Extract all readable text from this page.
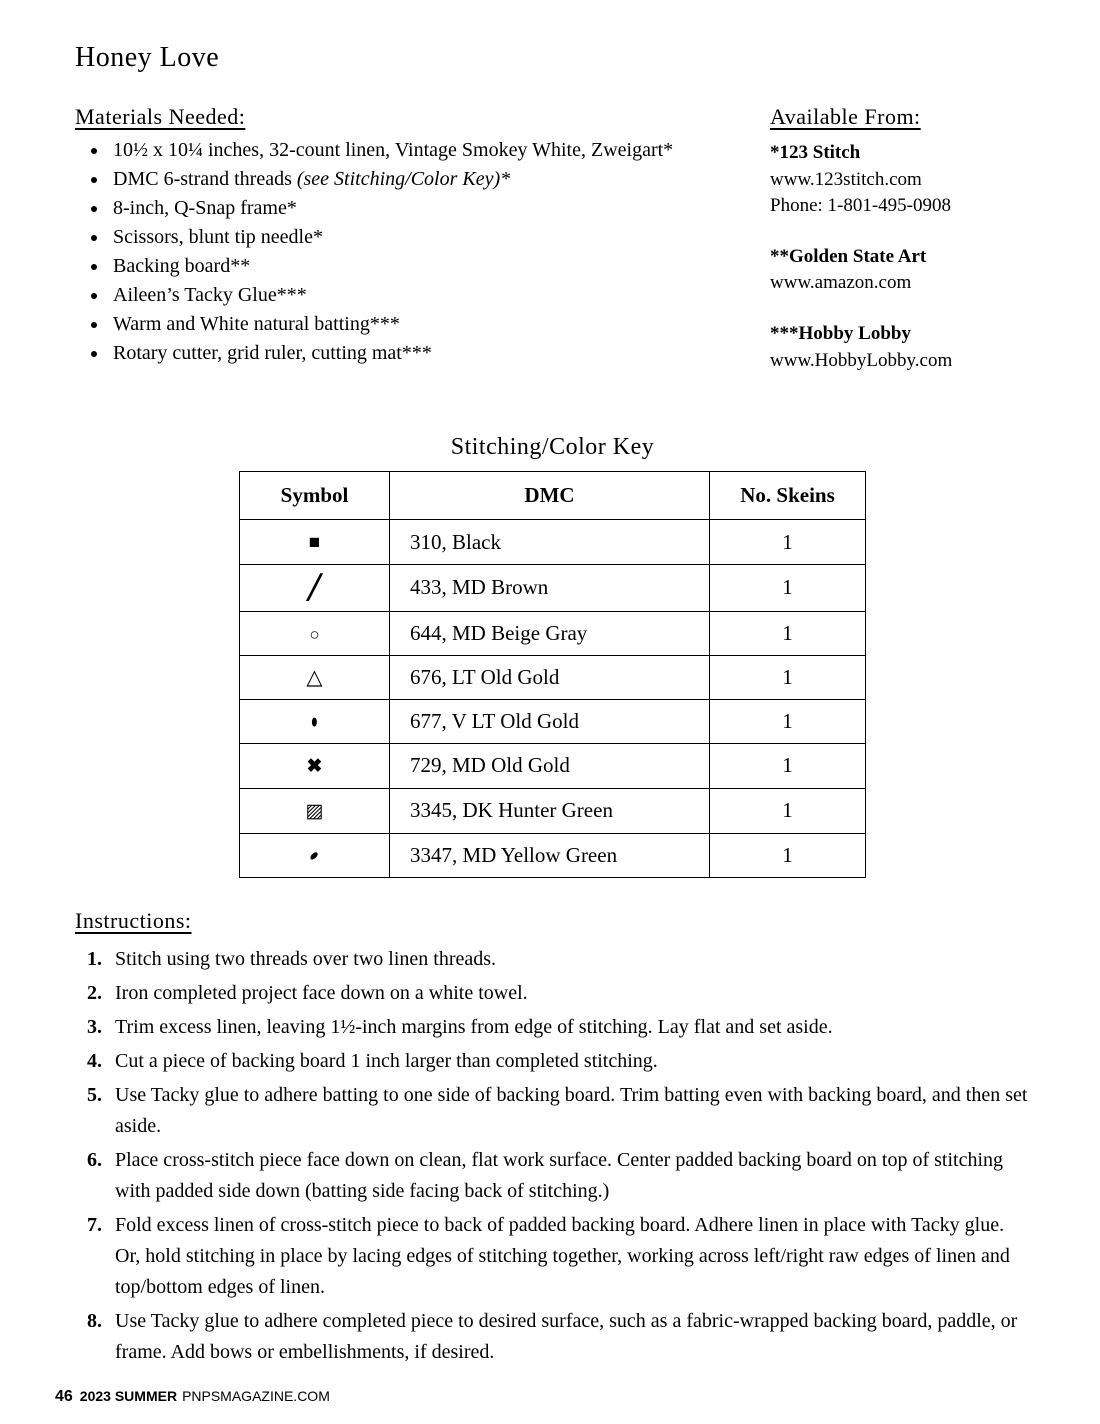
Honey Love
Materials Needed:
• 10½ x 10¼ inches, 32-count linen, Vintage Smokey White, Zweigart*
• DMC 6-strand threads (see Stitching/Color Key)*
• 8-inch, Q-Snap frame*
• Scissors, blunt tip needle*
• Backing board**
• Aileen’s Tacky Glue***
• Warm and White natural batting***
• Rotary cutter, grid ruler, cutting mat***
Available From:
*123 Stitch
www.123stitch.com
Phone: 1-801-495-0908
**Golden State Art
www.amazon.com
***Hobby Lobby
www.HobbyLobby.com
Stitching/Color Key
Symbol	DMC	No. Skeins
■	310, Black	1
╱	433, MD Brown	1
○	644, MD Beige Gray	1
△	676, LT Old Gold	1
●	677, V LT Old Gold	1
✖	729, MD Old Gold	1
▨	3345, DK Hunter Green	1
●	3347, MD Yellow Green	1
Instructions:
1. Stitch using two threads over two linen threads.
2. Iron completed project face down on a white towel.
3. Trim excess linen, leaving 1½-inch margins from edge of stitching. Lay flat and set aside.
4. Cut a piece of backing board 1 inch larger than completed stitching.
5. Use Tacky glue to adhere batting to one side of backing board. Trim batting even with backing board, and then set aside.
6. Place cross-stitch piece face down on clean, flat work surface. Center padded backing board on top of stitching with padded side down (batting side facing back of stitching.)
7. Fold excess linen of cross-stitch piece to back of padded backing board. Adhere linen in place with Tacky glue. Or, hold stitching in place by lacing edges of stitching together, working across left/right raw edges of linen and top/bottom edges of linen.
8. Use Tacky glue to adhere completed piece to desired surface, such as a fabric-wrapped backing board, paddle, or frame. Add bows or embellishments, if desired.
46 2023 SUMMER PNPSMAGAZINE.COM
